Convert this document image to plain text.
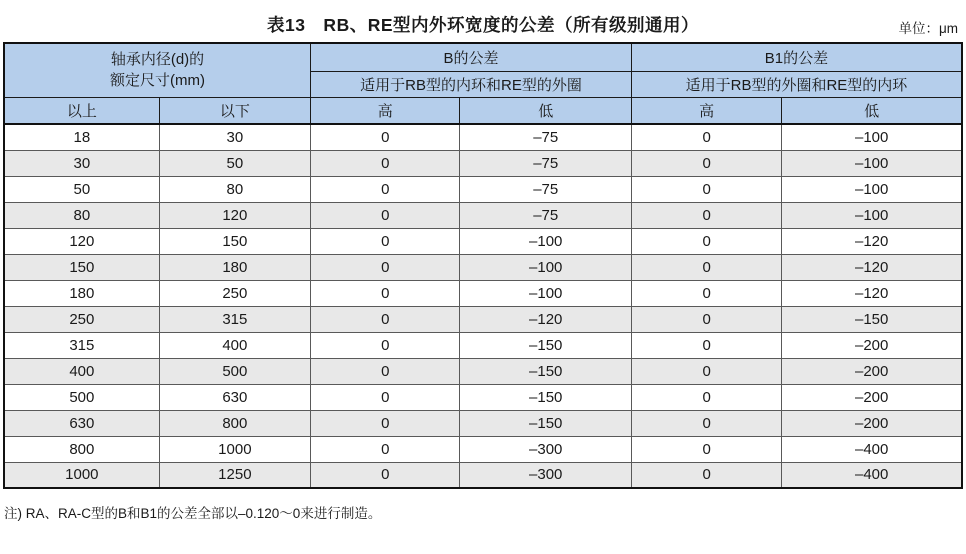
表13　RB、RE型内外环宽度的公差（所有级别通用）	单位：μm
轴承内径(d)的
额定尺寸(mm)		B的公差		B1的公差	
		适用于RB型的内环和RE型的外圈		适用于RB型的外圈和RE型的内环	
以上	以下	高	低	高	低
18	30	0	–75	0	–100
30	50	0	–75	0	–100
50	80	0	–75	0	–100
80	120	0	–75	0	–100
120	150	0	–100	0	–120
150	180	0	–100	0	–120
180	250	0	–100	0	–120
250	315	0	–120	0	–150
315	400	0	–150	0	–200
400	500	0	–150	0	–200
500	630	0	–150	0	–200
630	800	0	–150	0	–200
800	1000	0	–300	0	–400
1000	1250	0	–300	0	–400
注) RA、RA-C型的B和B1的公差全部以–0.120～0来进行制造。
